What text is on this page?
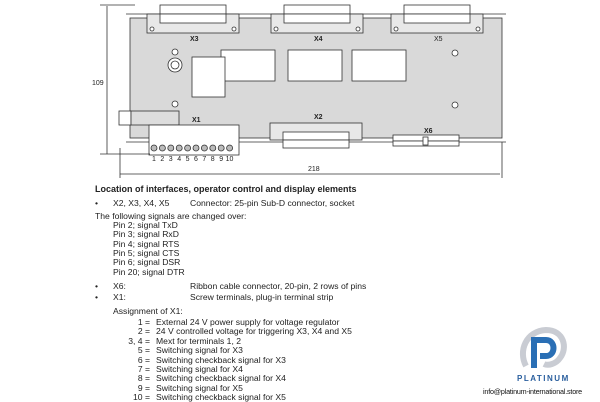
109
218
X3	X4	X5
X2
X6
X1
1 2 3 4 5 6 7 8 9 10
Location of interfaces, operator control and display elements
• X2, X3, X4, X5 Connector: 25-pin Sub-D connector, socket
The following signals are changed over:
Pin 2; signal TxD
Pin 3; signal RxD
Pin 4; signal RTS
Pin 5; signal CTS
Pin 6; signal DSR
Pin 20; signal DTR
• X6:	Ribbon cable connector, 20-pin, 2 rows of pins
• X1:	Screw terminals, plug-in terminal strip
Assignment of X1:
1 = External 24 V power supply for voltage regulator
2 = 24 V controlled voltage for triggering X3, X4 and X5
3, 4 = Mext for terminals 1, 2
5 = Switching signal for X3
6 = Switching checkback signal for X3
7 = Switching signal for X4
8 = Switching checkback signal for X4
9 = Switching signal for X5
10 = Switching checkback signal for X5
PLATINUM
info@platinum-international.store
